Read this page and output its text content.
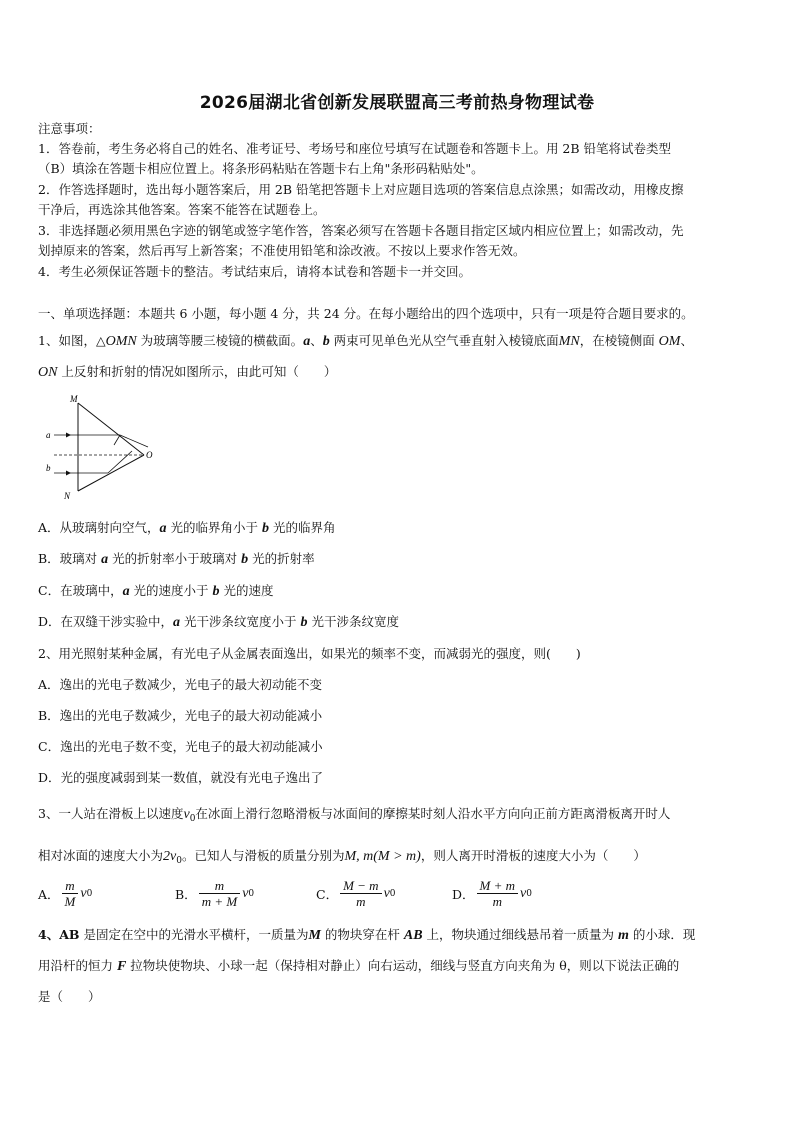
2026届湖北省创新发展联盟高三考前热身物理试卷
注意事项：
1．答卷前，考生务必将自己的姓名、准考证号、考场号和座位号填写在试题卷和答题卡上。用 2B 铅笔将试卷类型
（B）填涂在答题卡相应位置上。将条形码粘贴在答题卡右上角"条形码粘贴处"。
2．作答选择题时，选出每小题答案后，用 2B 铅笔把答题卡上对应题目选项的答案信息点涂黑；如需改动，用橡皮擦
干净后，再选涂其他答案。答案不能答在试题卷上。
3．非选择题必须用黑色字迹的钢笔或签字笔作答，答案必须写在答题卡各题目指定区域内相应位置上；如需改动，先
划掉原来的答案，然后再写上新答案；不准使用铅笔和涂改液。不按以上要求作答无效。
4．考生必须保证答题卡的整洁。考试结束后，请将本试卷和答题卡一并交回。
一、单项选择题：本题共 6 小题，每小题 4 分，共 24 分。在每小题给出的四个选项中，只有一项是符合题目要求的。
1、如图，△OMN 为玻璃等腰三棱镜的横截面。a、b 两束可见单色光从空气垂直射入棱镜底面MN，在棱镜侧面 OM、
ON 上反射和折射的情况如图所示，由此可知（　　）
M
N
O
a
b
A．从玻璃射向空气，a 光的临界角小于 b 光的临界角
B．玻璃对 a 光的折射率小于玻璃对 b 光的折射率
C．在玻璃中，a 光的速度小于 b 光的速度
D．在双缝干涉实验中，a 光干涉条纹宽度小于 b 光干涉条纹宽度
2、用光照射某种金属，有光电子从金属表面逸出，如果光的频率不变，而减弱光的强度，则(　　)
A．逸出的光电子数减少，光电子的最大初动能不变
B．逸出的光电子数减少，光电子的最大初动能减小
C．逸出的光电子数不变，光电子的最大初动能减小
D．光的强度减弱到某一数值，就没有光电子逸出了
3、一人站在滑板上以速度$v_0$在冰面上滑行忽略滑板与冰面间的摩擦某时刻人沿水平方向向正前方距离滑板离开时人
相对冰面的速度大小为$2v_0$。已知人与滑板的质量分别为M, m(M > m)，则人离开时滑板的速度大小为（　　）
A． $\frac{m}{M}$ v 0	B． $\frac{m}{m + M}$ v 0	C． $\frac{M - m}{m}$ v 0	D． $\frac{M + m}{m}$ v 0
4、AB 是固定在空中的光滑水平横杆，一质量为M 的物块穿在杆 AB 上，物块通过细线悬吊着一质量为 m 的小球．现
用沿杆的恒力 F 拉物块使物块、小球一起（保持相对静止）向右运动，细线与竖直方向夹角为 θ，则以下说法正确的
是（　　）
